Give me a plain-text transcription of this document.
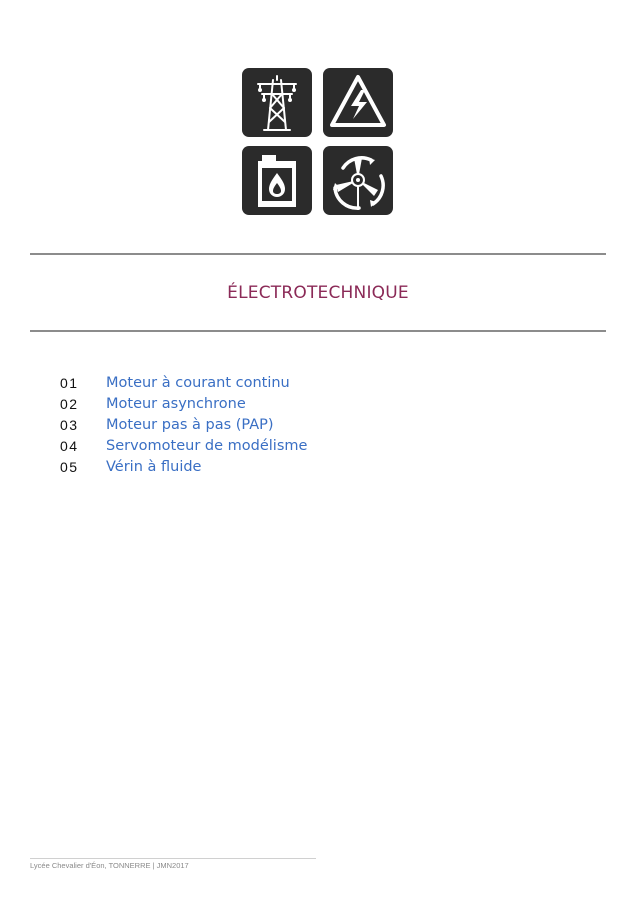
ÉLECTROTECHNIQUE
01	Moteur à courant continu
02	Moteur asynchrone
03	Moteur pas à pas (PAP)
04	Servomoteur de modélisme
05	Vérin à fluide
Lycée Chevalier d'Éon, TONNERRE | JMN2017
